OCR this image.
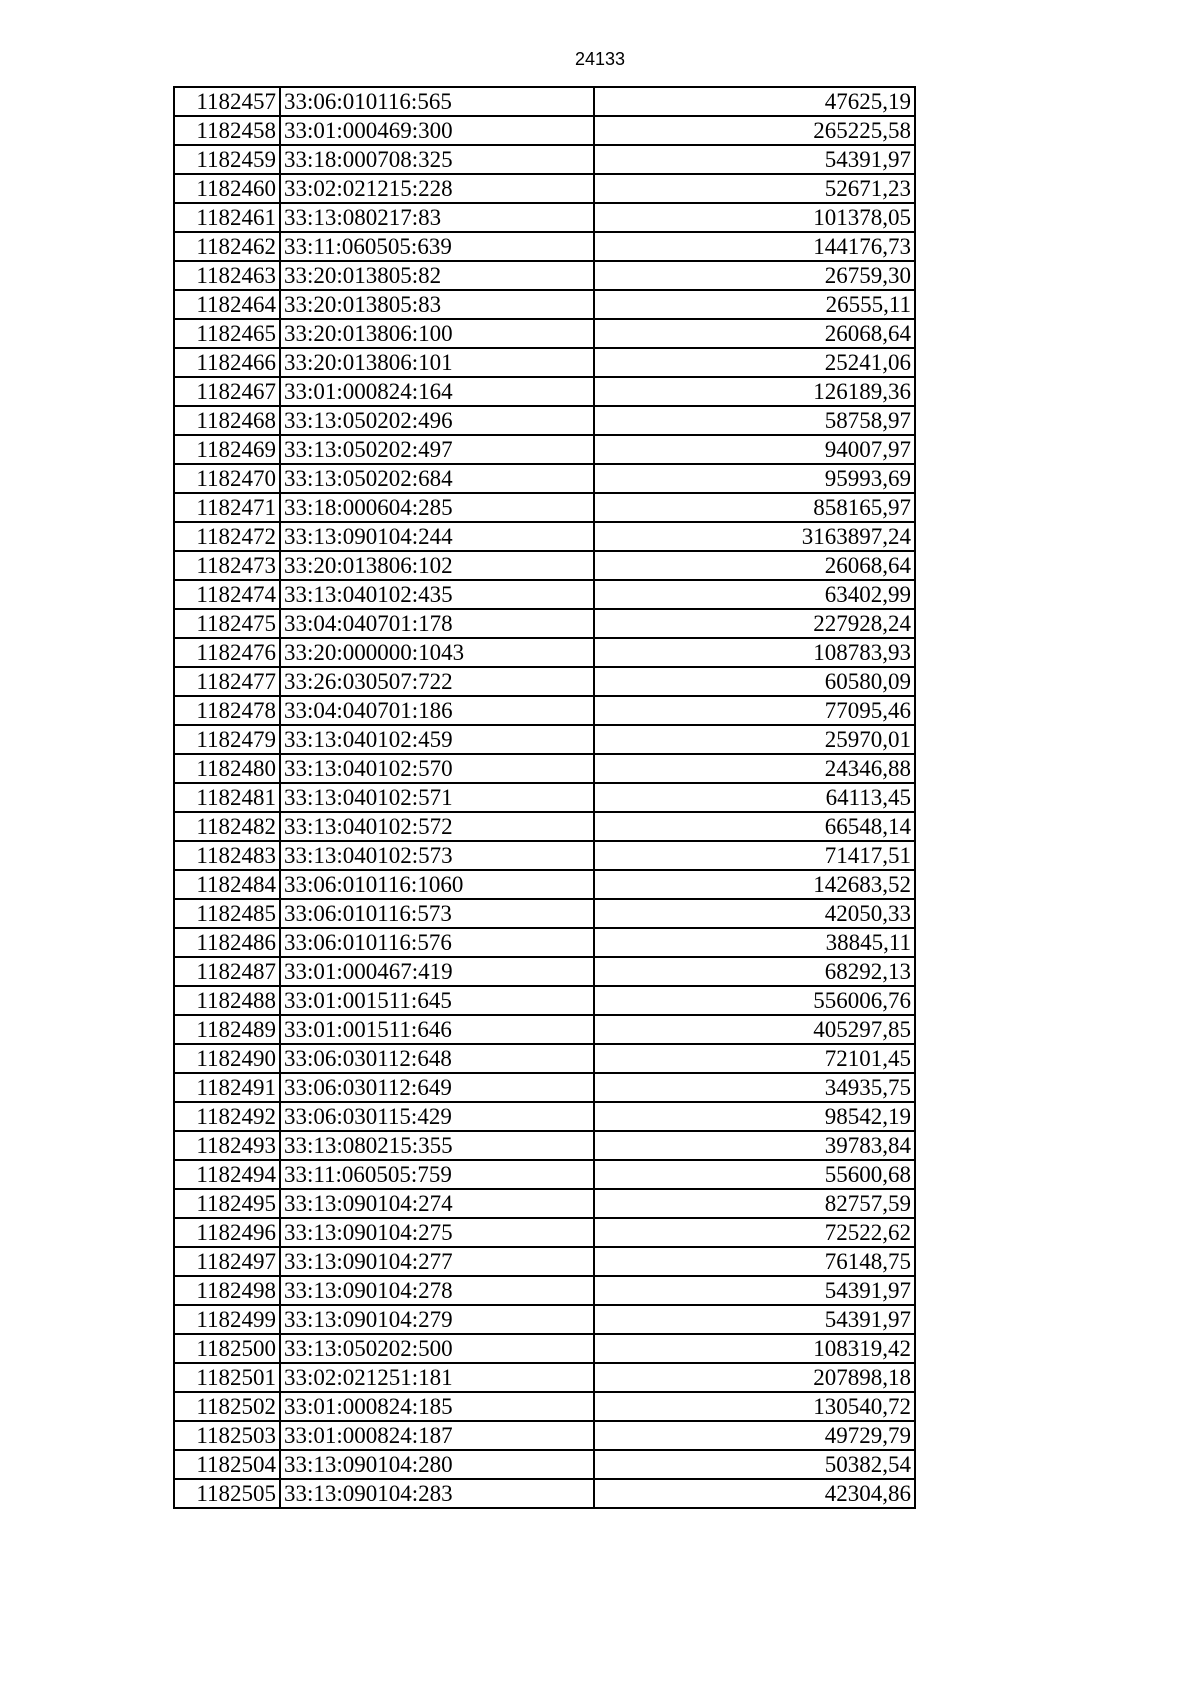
24133
1182457	33:06:010116:565	47625,19
1182458	33:01:000469:300	265225,58
1182459	33:18:000708:325	54391,97
1182460	33:02:021215:228	52671,23
1182461	33:13:080217:83	101378,05
1182462	33:11:060505:639	144176,73
1182463	33:20:013805:82	26759,30
1182464	33:20:013805:83	26555,11
1182465	33:20:013806:100	26068,64
1182466	33:20:013806:101	25241,06
1182467	33:01:000824:164	126189,36
1182468	33:13:050202:496	58758,97
1182469	33:13:050202:497	94007,97
1182470	33:13:050202:684	95993,69
1182471	33:18:000604:285	858165,97
1182472	33:13:090104:244	3163897,24
1182473	33:20:013806:102	26068,64
1182474	33:13:040102:435	63402,99
1182475	33:04:040701:178	227928,24
1182476	33:20:000000:1043	108783,93
1182477	33:26:030507:722	60580,09
1182478	33:04:040701:186	77095,46
1182479	33:13:040102:459	25970,01
1182480	33:13:040102:570	24346,88
1182481	33:13:040102:571	64113,45
1182482	33:13:040102:572	66548,14
1182483	33:13:040102:573	71417,51
1182484	33:06:010116:1060	142683,52
1182485	33:06:010116:573	42050,33
1182486	33:06:010116:576	38845,11
1182487	33:01:000467:419	68292,13
1182488	33:01:001511:645	556006,76
1182489	33:01:001511:646	405297,85
1182490	33:06:030112:648	72101,45
1182491	33:06:030112:649	34935,75
1182492	33:06:030115:429	98542,19
1182493	33:13:080215:355	39783,84
1182494	33:11:060505:759	55600,68
1182495	33:13:090104:274	82757,59
1182496	33:13:090104:275	72522,62
1182497	33:13:090104:277	76148,75
1182498	33:13:090104:278	54391,97
1182499	33:13:090104:279	54391,97
1182500	33:13:050202:500	108319,42
1182501	33:02:021251:181	207898,18
1182502	33:01:000824:185	130540,72
1182503	33:01:000824:187	49729,79
1182504	33:13:090104:280	50382,54
1182505	33:13:090104:283	42304,86
